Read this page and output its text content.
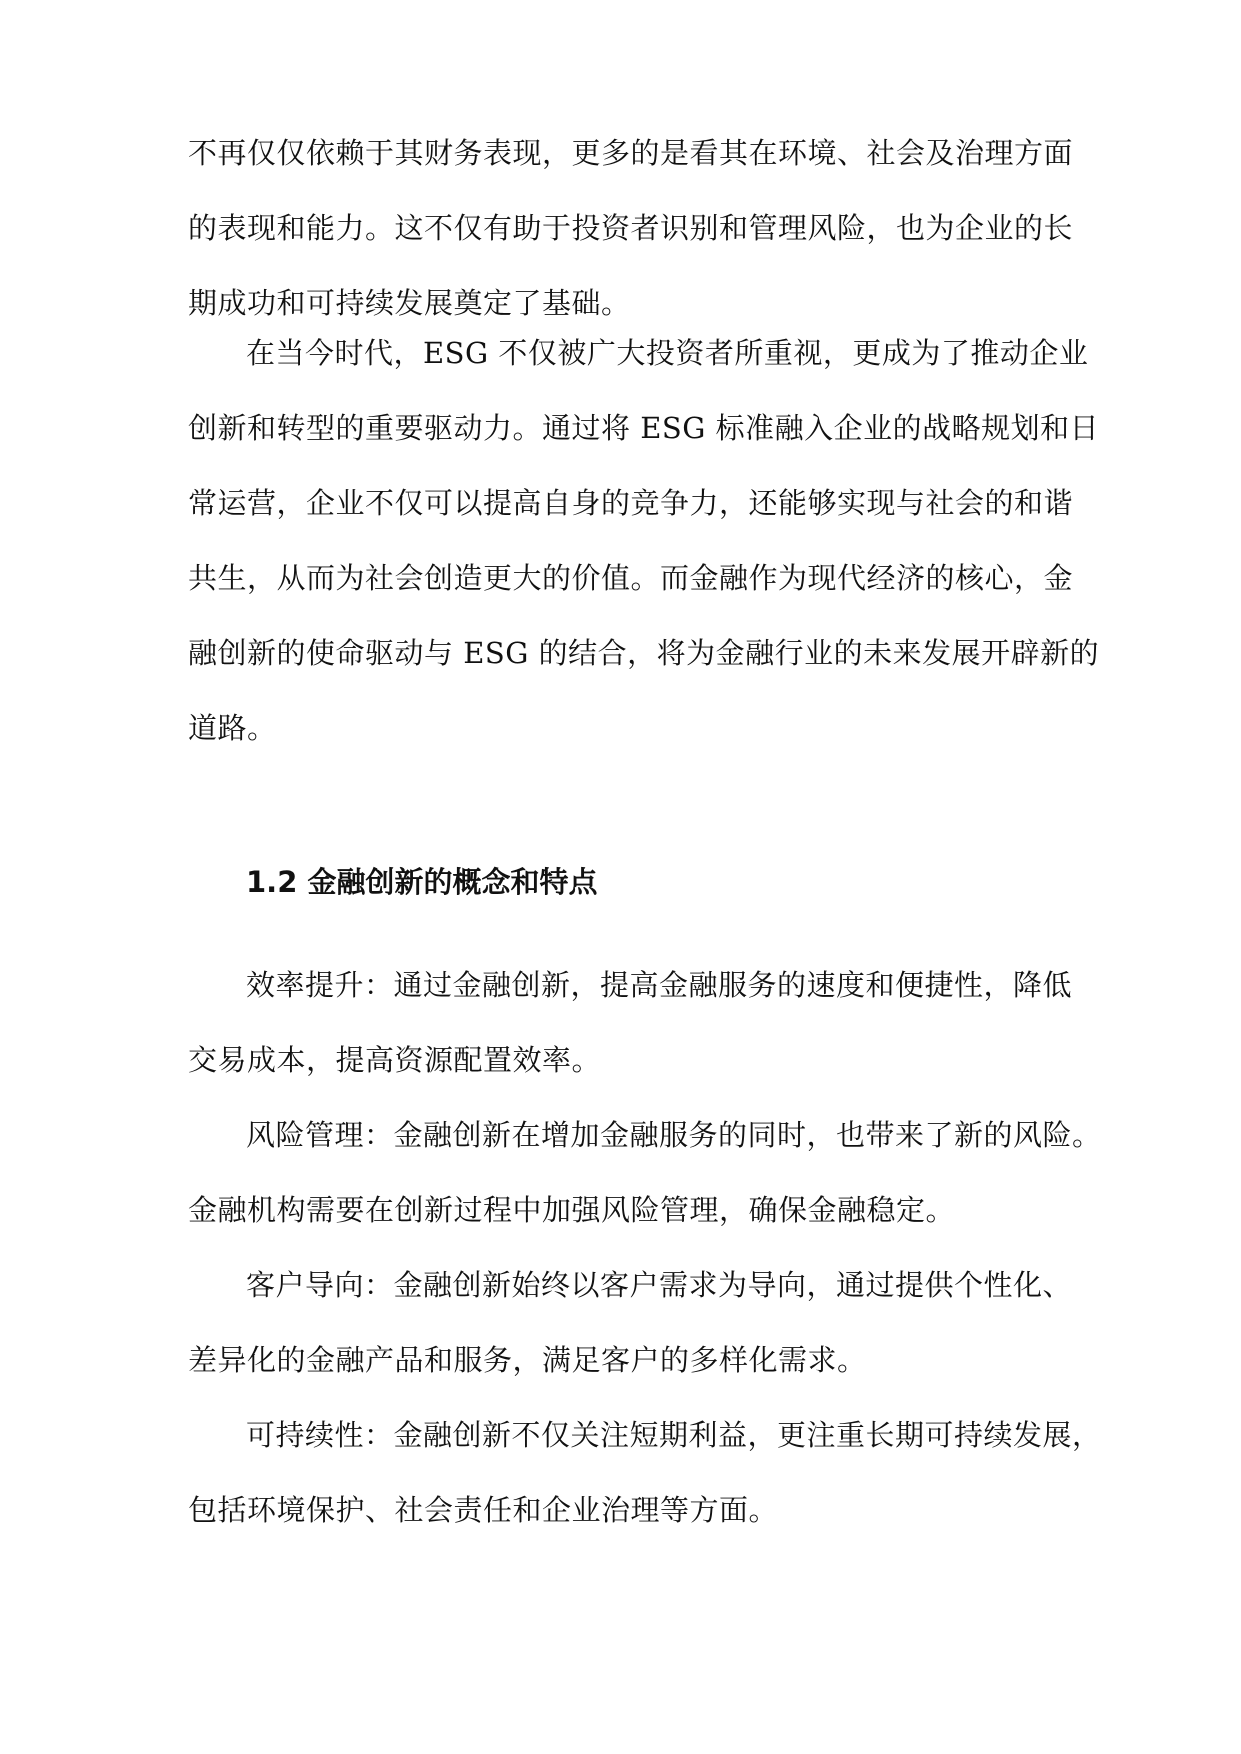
不再仅仅依赖于其财务表现，更多的是看其在环境、社会及治理方面
的表现和能力。这不仅有助于投资者识别和管理风险，也为企业的长
期成功和可持续发展奠定了基础。

在当今时代，ESG 不仅被广大投资者所重视，更成为了推动企业
创新和转型的重要驱动力。通过将 ESG 标准融入企业的战略规划和日
常运营，企业不仅可以提高自身的竞争力，还能够实现与社会的和谐
共生，从而为社会创造更大的价值。而金融作为现代经济的核心，金
融创新的使命驱动与 ESG 的结合，将为金融行业的未来发展开辟新的
道路。

1.2 金融创新的概念和特点

效率提升：通过金融创新，提高金融服务的速度和便捷性，降低
交易成本，提高资源配置效率。

风险管理：金融创新在增加金融服务的同时，也带来了新的风险。
金融机构需要在创新过程中加强风险管理，确保金融稳定。

客户导向：金融创新始终以客户需求为导向，通过提供个性化、
差异化的金融产品和服务，满足客户的多样化需求。

可持续性：金融创新不仅关注短期利益，更注重长期可持续发展，
包括环境保护、社会责任和企业治理等方面。
